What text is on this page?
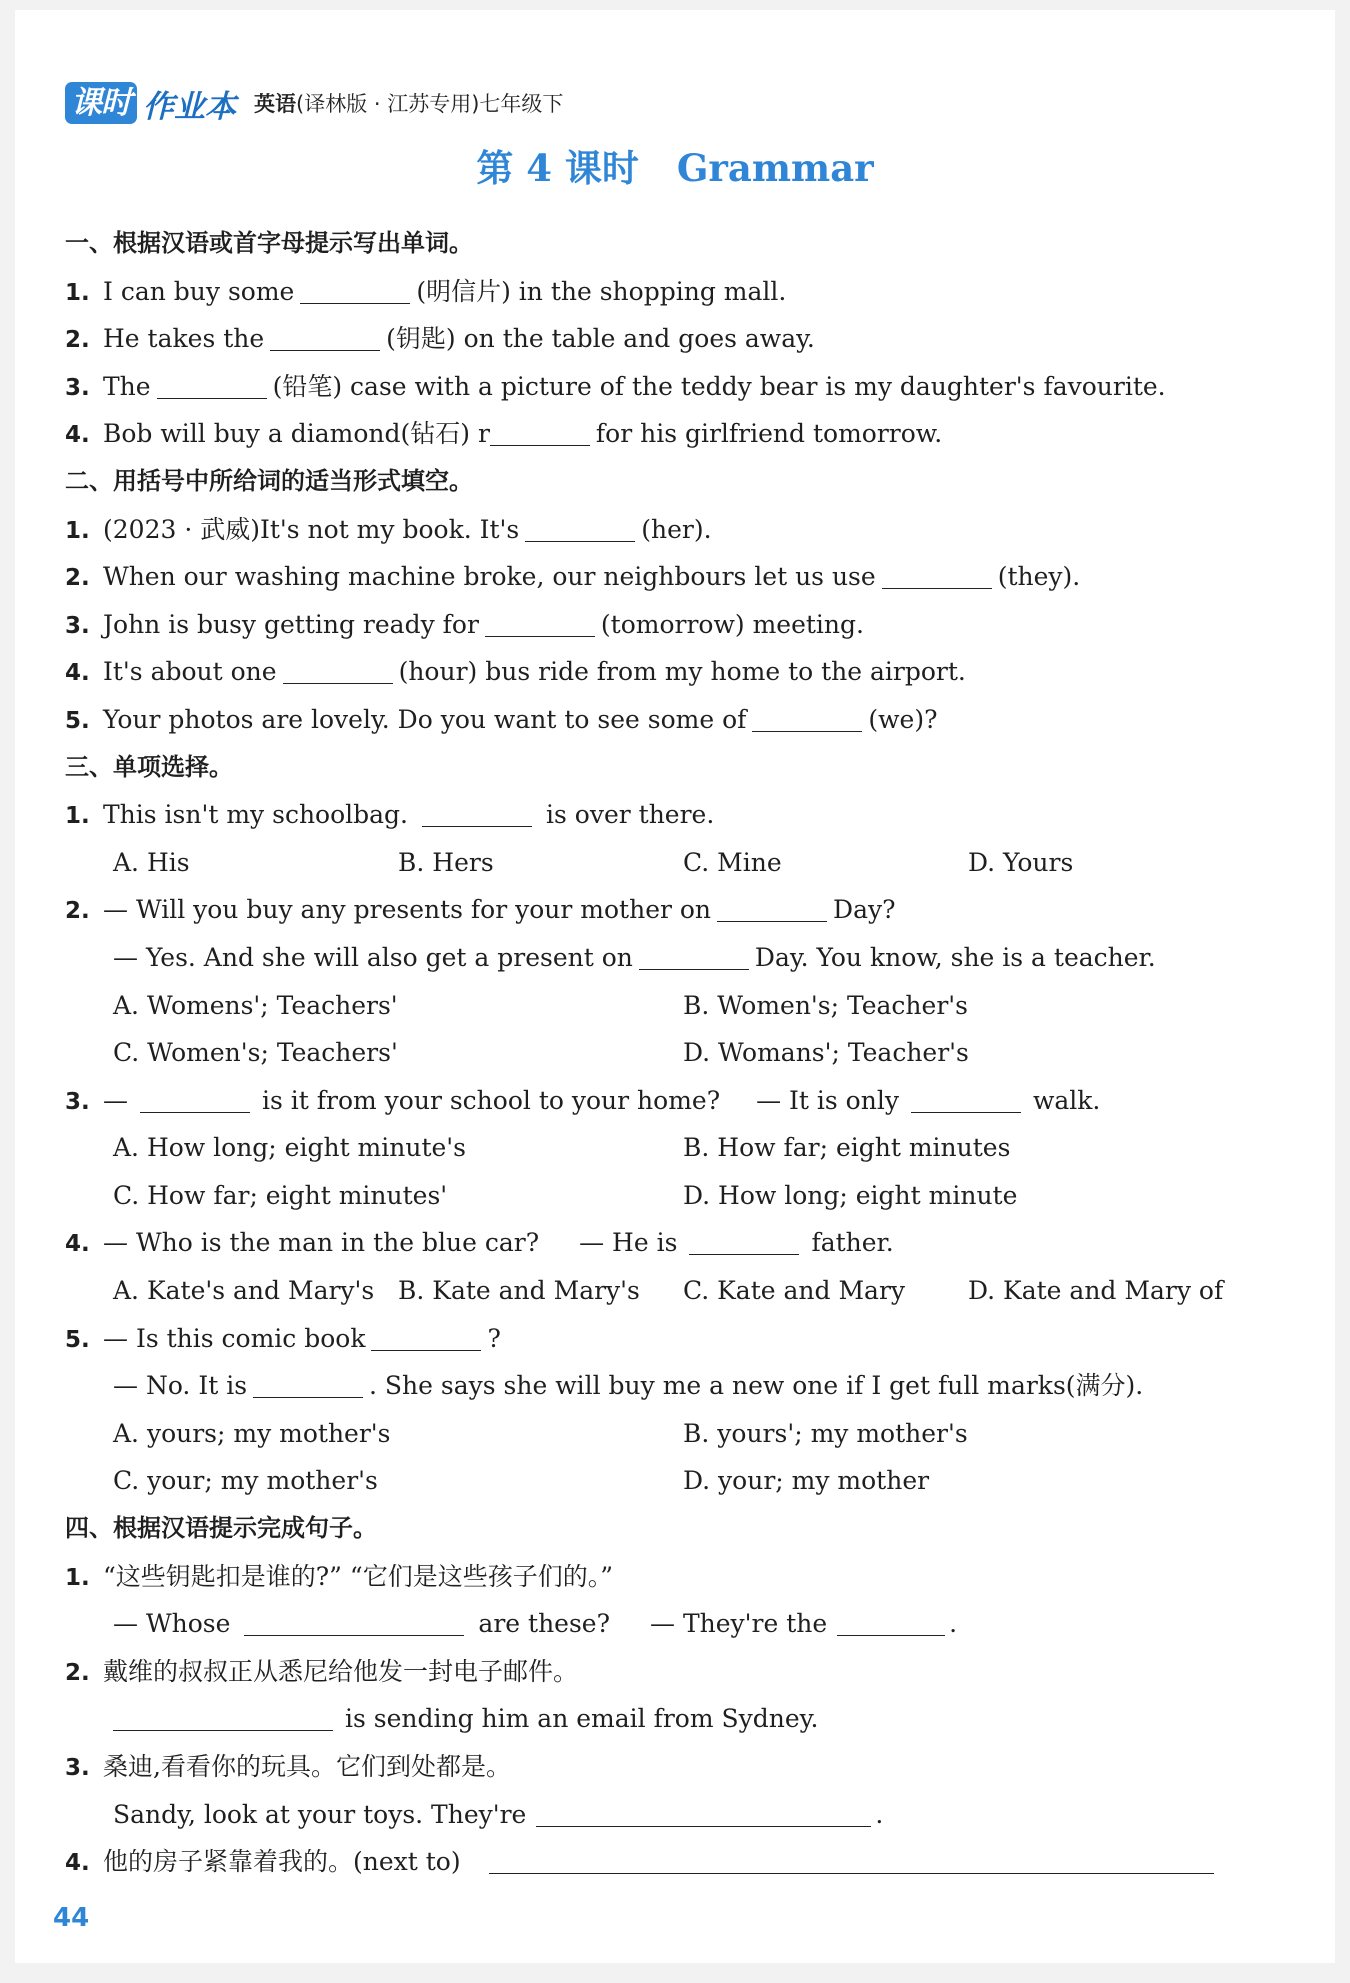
课时 作业本 英语(译林版 · 江苏专用)七年级下
第 4 课时 Grammar
一、根据汉语或首字母提示写出单词。
1. I can buy some	(明信片) in the shopping mall.
2. He takes the	(钥匙) on the table and goes away.
3. The	(铅笔) case with a picture of the teddy bear is my daughter's favourite.
4. Bob will buy a diamond(钻石) r	for his girlfriend tomorrow.
二、用括号中所给词的适当形式填空。
1. (2023 · 武威)It's not my book. It's	(her).
2. When our washing machine broke, our neighbours let us use	(they).
3. John is busy getting ready for	(tomorrow) meeting.
4. It's about one	(hour) bus ride from my home to the airport.
5. Your photos are lovely. Do you want to see some of	(we)?
三、单项选择。
1. This isn't my schoolbag.	is over there.
A. His	B. Hers	C. Mine	D. Yours
2. — Will you buy any presents for your mother on	Day?
— Yes. And she will also get a present on	Day. You know, she is a teacher.
A. Womens'; Teachers'	B. Women's; Teacher's
C. Women's; Teachers'	D. Womans'; Teacher's
3. —	is it from your school to your home? — It is only	walk.
A. How long; eight minute's	B. How far; eight minutes
C. How far; eight minutes'	D. How long; eight minute
4. — Who is the man in the blue car? — He is	father.
A. Kate's and Mary's B. Kate and Mary's	C. Kate and Mary	D. Kate and Mary of
5. — Is this comic book	?
— No. It is	. She says she will buy me a new one if I get full marks(满分).
A. yours; my mother's	B. yours'; my mother's
C. your; my mother's	D. your; my mother
四、根据汉语提示完成句子。
1. “这些钥匙扣是谁的?” “它们是这些孩子们的。”
— Whose	are these? — They're the	.
2. 戴维的叔叔正从悉尼给他发一封电子邮件。
is sending him an email from Sydney.
3. 桑迪,看看你的玩具。它们到处都是。
Sandy, look at your toys. They're	.
4. 他的房子紧靠着我的。(next to)
44
